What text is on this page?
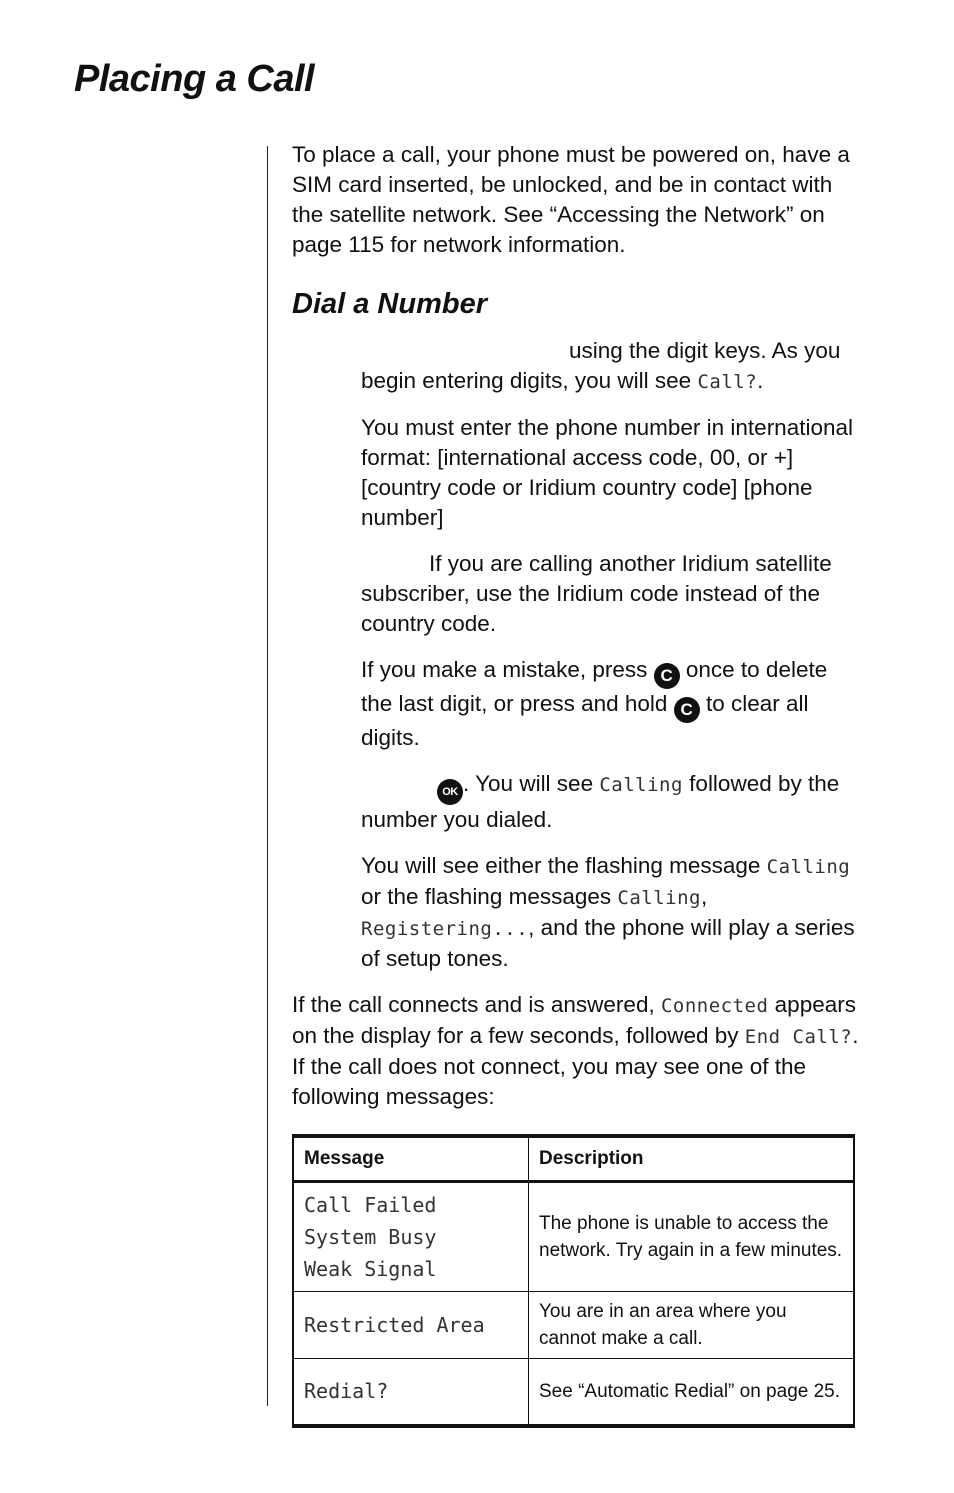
Placing a Call

To place a call, your phone must be powered on, have a SIM card inserted, be unlocked, and be in contact with the satellite network. See “Accessing the Network” on page 115 for network information.

Dial a Number

using the digit keys. As you begin entering digits, you will see Call?.

You must enter the phone number in international format: [international access code, 00, or +] [country code or Iridium country code] [phone number]

If you are calling another Iridium satellite subscriber, use the Iridium code instead of the country code.

If you make a mistake, press C once to delete the last digit, or press and hold C to clear all digits.

OK . You will see Calling followed by the number you dialed.

You will see either the flashing message Calling or the flashing messages Calling, Registering..., and the phone will play a series of setup tones.

If the call connects and is answered, Connected appears on the display for a few seconds, followed by End Call?. If the call does not connect, you may see one of the following messages:

Message	Description

Call Failed
System Busy
Weak Signal	The phone is unable to access the network. Try again in a few minutes.

Restricted Area	You are in an area where you cannot make a call.

Redial?	See “Automatic Redial” on page 25.
